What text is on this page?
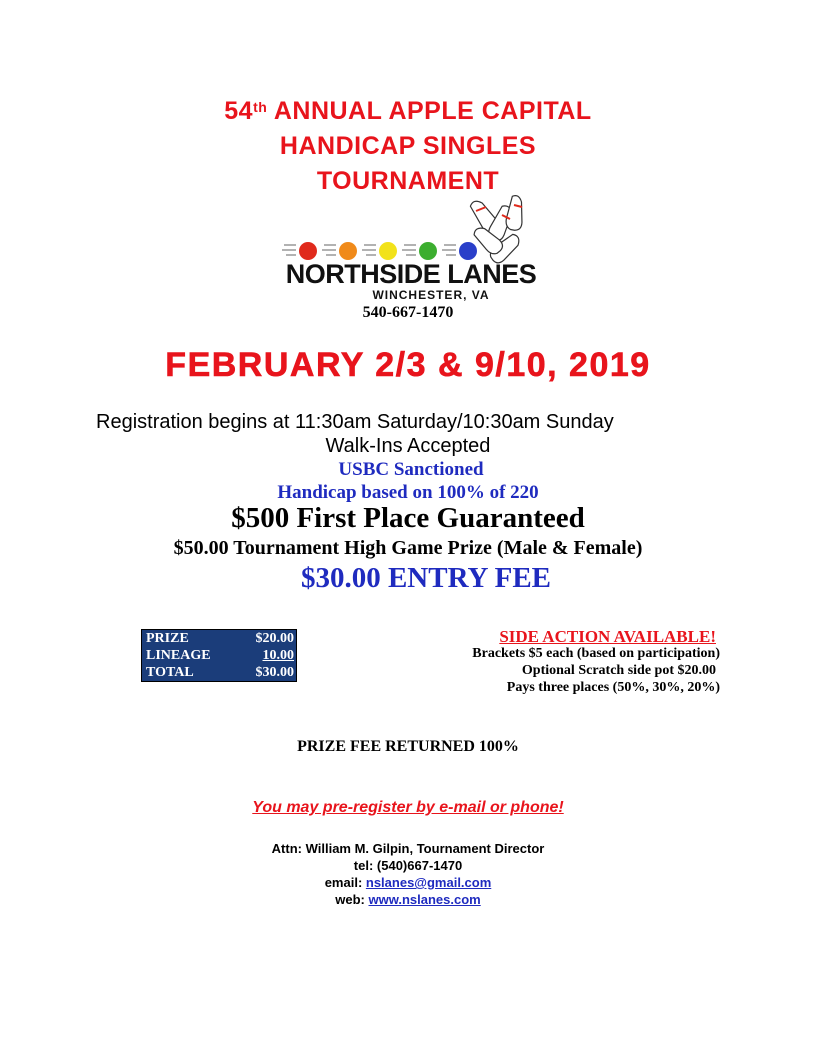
54th ANNUAL APPLE CAPITAL
HANDICAP SINGLES
TOURNAMENT
NORTHSIDE LANES
WINCHESTER, VA
540-667-1470
FEBRUARY 2/3 & 9/10, 2019
Registration begins at 11:30am Saturday/10:30am Sunday
Walk-Ins Accepted
USBC Sanctioned
Handicap based on 100% of 220
$500 First Place Guaranteed
$50.00 Tournament High Game Prize (Male & Female)
$30.00 ENTRY FEE
PRIZE	$20.00
LINEAGE	10.00
TOTAL	$30.00
SIDE ACTION AVAILABLE!
Brackets $5 each (based on participation)
Optional Scratch side pot $20.00
Pays three places (50%, 30%, 20%)
PRIZE FEE RETURNED 100%
You may pre-register by e-mail or phone!
Attn: William M. Gilpin, Tournament Director
tel: (540)667-1470
email: nslanes@gmail.com
web: www.nslanes.com
